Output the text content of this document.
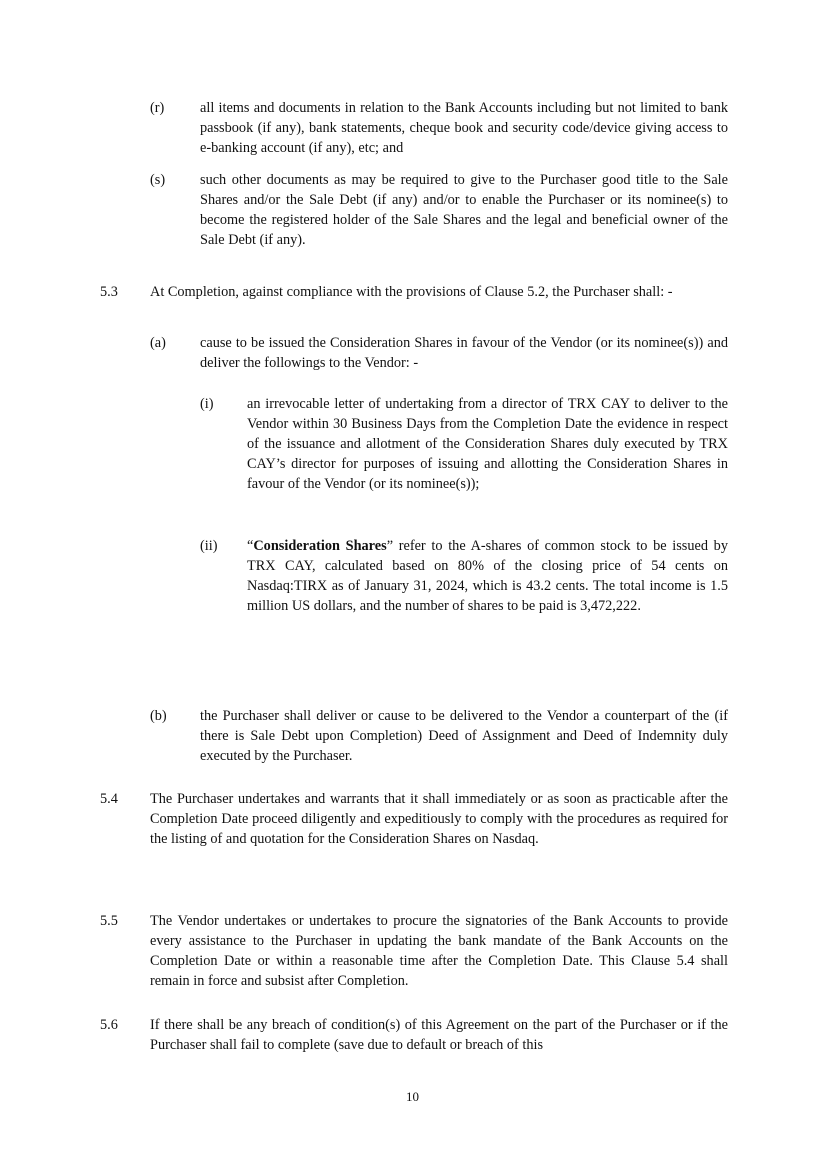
(r) all items and documents in relation to the Bank Accounts including but not limited to bank passbook (if any), bank statements, cheque book and security code/device giving access to e-banking account (if any), etc; and
(s) such other documents as may be required to give to the Purchaser good title to the Sale Shares and/or the Sale Debt (if any) and/or to enable the Purchaser or its nominee(s) to become the registered holder of the Sale Shares and the legal and beneficial owner of the Sale Debt (if any).
5.3 At Completion, against compliance with the provisions of Clause 5.2, the Purchaser shall: -
(a) cause to be issued the Consideration Shares in favour of the Vendor (or its nominee(s)) and deliver the followings to the Vendor: -
(i) an irrevocable letter of undertaking from a director of TRX CAY to deliver to the Vendor within 30 Business Days from the Completion Date the evidence in respect of the issuance and allotment of the Consideration Shares duly executed by TRX CAY’s director for purposes of issuing and allotting the Consideration Shares in favour of the Vendor (or its nominee(s));
(ii) “Consideration Shares” refer to the A-shares of common stock to be issued by TRX CAY, calculated based on 80% of the closing price of 54 cents on Nasdaq:TIRX as of January 31, 2024, which is 43.2 cents. The total income is 1.5 million US dollars, and the number of shares to be paid is 3,472,222.
(b) the Purchaser shall deliver or cause to be delivered to the Vendor a counterpart of the (if there is Sale Debt upon Completion) Deed of Assignment and Deed of Indemnity duly executed by the Purchaser.
5.4 The Purchaser undertakes and warrants that it shall immediately or as soon as practicable after the Completion Date proceed diligently and expeditiously to comply with the procedures as required for the listing of and quotation for the Consideration Shares on Nasdaq.
5.5 The Vendor undertakes or undertakes to procure the signatories of the Bank Accounts to provide every assistance to the Purchaser in updating the bank mandate of the Bank Accounts on the Completion Date or within a reasonable time after the Completion Date. This Clause 5.4 shall remain in force and subsist after Completion.
5.6 If there shall be any breach of condition(s) of this Agreement on the part of the Purchaser or if the Purchaser shall fail to complete (save due to default or breach of this
10
